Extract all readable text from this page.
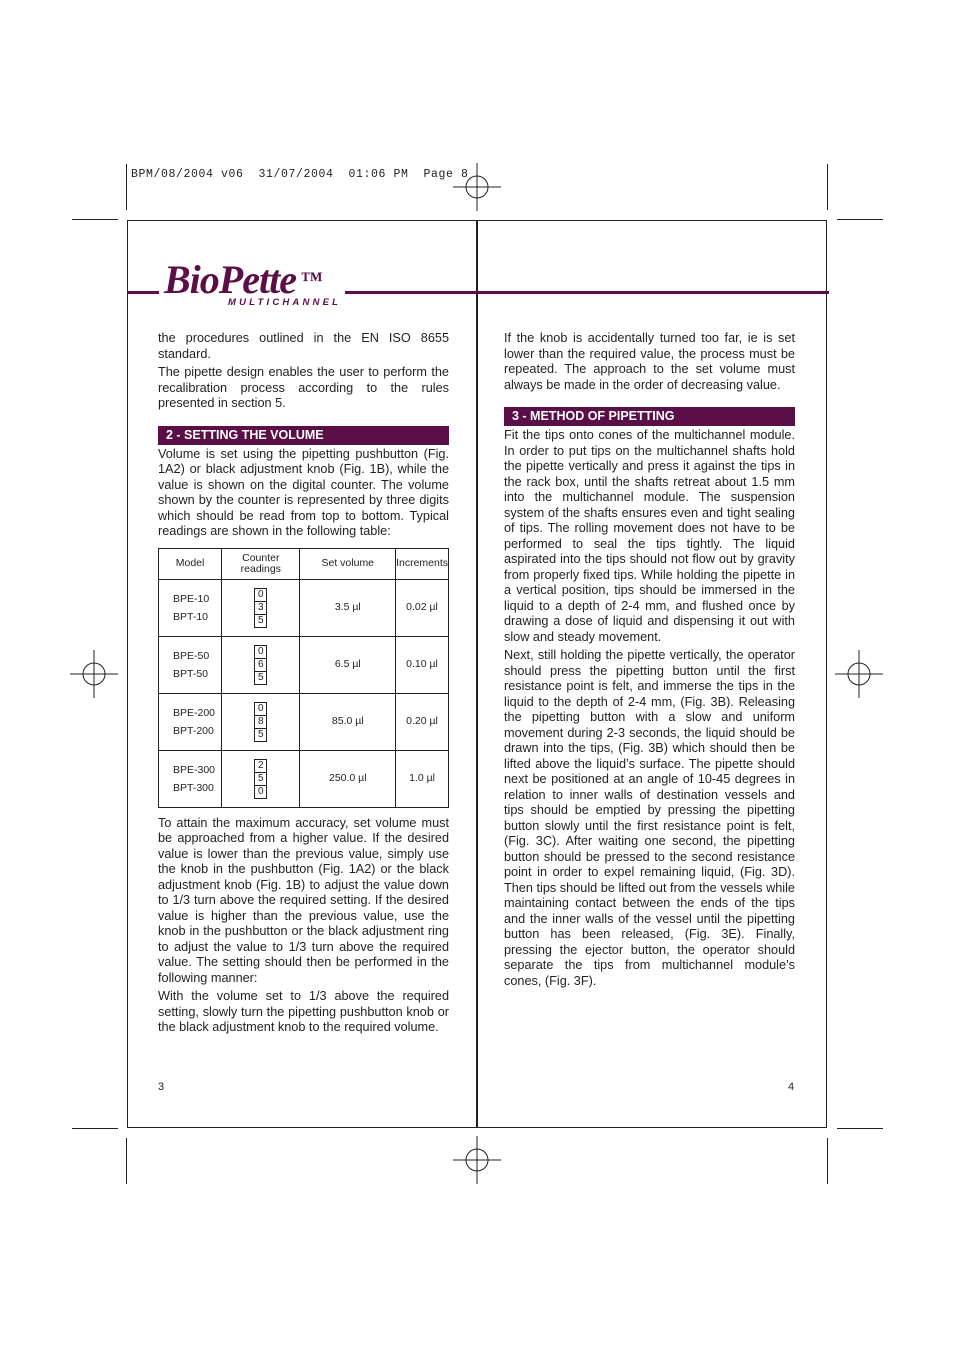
BPM/08/2004 v06  31/07/2004  01:06 PM  Page 8
BioPette ™
MULTICHANNEL

the procedures outlined in the EN ISO 8655 standard.

The pipette design enables the user to perform the recalibration process according to the rules presented in section 5.

2 - SETTING THE VOLUME

Volume is set using the pipetting pushbutton (Fig. 1A2) or black adjustment knob (Fig. 1B), while the value is shown on the digital counter. The volume shown by the counter is represented by three digits which should be read from top to bottom. Typical readings are shown in the following table:

Model	Counter readings	Set volume	Increments
BPE-10
BPT-10	0
3
5	3.5 µl	0.02 µl
BPE-50
BPT-50	0
6
5	6.5 µl	0.10 µl
BPE-200
BPT-200	0
8
5	85.0 µl	0.20 µl
BPE-300
BPT-300	2
5
0	250.0 µl	1.0 µl

To attain the maximum accuracy, set volume must be approached from a higher value. If the desired value is lower than the previous value, simply use the knob in the pushbutton (Fig. 1A2) or the black adjustment knob (Fig. 1B) to adjust the value down to 1/3 turn above the required setting. If the desired value is higher than the previous value, use the knob in the pushbutton or the black adjustment ring to adjust the value to 1/3 turn above the required value. The setting should then be performed in the following manner:

With the volume set to 1/3 above the required setting, slowly turn the pipetting pushbutton knob or the black adjustment knob to the required volume.

3

If the knob is accidentally turned too far, ie is set lower than the required value, the process must be repeated. The approach to the set volume must always be made in the order of decreasing value.

3 - METHOD OF PIPETTING

Fit the tips onto cones of the multichannel module. In order to put tips on the multichannel shafts hold the pipette vertically and press it against the tips in the rack box, until the shafts retreat about 1.5 mm into the multichannel module. The suspension system of the shafts ensures even and tight sealing of tips. The rolling movement does not have to be performed to seal the tips tightly. The liquid aspirated into the tips should not flow out by gravity from properly fixed tips. While holding the pipette in a vertical position, tips should be immersed in the liquid to a depth of 2-4 mm, and flushed once by drawing a dose of liquid and dispensing it out with slow and steady movement.

Next, still holding the pipette vertically, the operator should press the pipetting button until the first resistance point is felt, and immerse the tips in the liquid to the depth of 2-4 mm, (Fig. 3B). Releasing the pipetting button with a slow and uniform movement during 2-3 seconds, the liquid should be drawn into the tips, (Fig. 3B) which should then be lifted above the liquid’s surface. The pipette should next be positioned at an angle of 10-45 degrees in relation to inner walls of destination vessels and tips should be emptied by pressing the pipetting button slowly until the first resistance point is felt, (Fig. 3C). After waiting one second, the pipetting button should be pressed to the second resistance point in order to expel remaining liquid, (Fig. 3D). Then tips should be lifted out from the vessels while maintaining contact between the ends of the tips and the inner walls of the vessel until the pipetting button has been released, (Fig. 3E). Finally, pressing the ejector button, the operator should separate the tips from multichannel module’s cones, (Fig. 3F).

4
